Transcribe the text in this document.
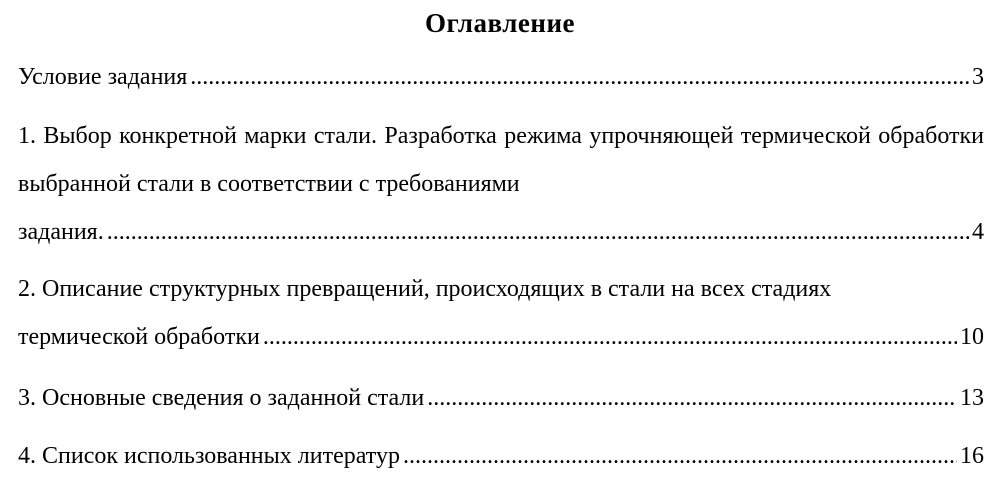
Оглавление
Условие задания .....	3
1. Выбор конкретной марки стали. Разработка режима упрочняющей термической обработки выбранной стали в соответствии с требованиями
задания. .....	4
2. Описание структурных превращений, происходящих в стали на всех стадиях
термической обработки .....	10
3. Основные сведения о заданной стали .....	13
4. Список использованных литератур .....	16
